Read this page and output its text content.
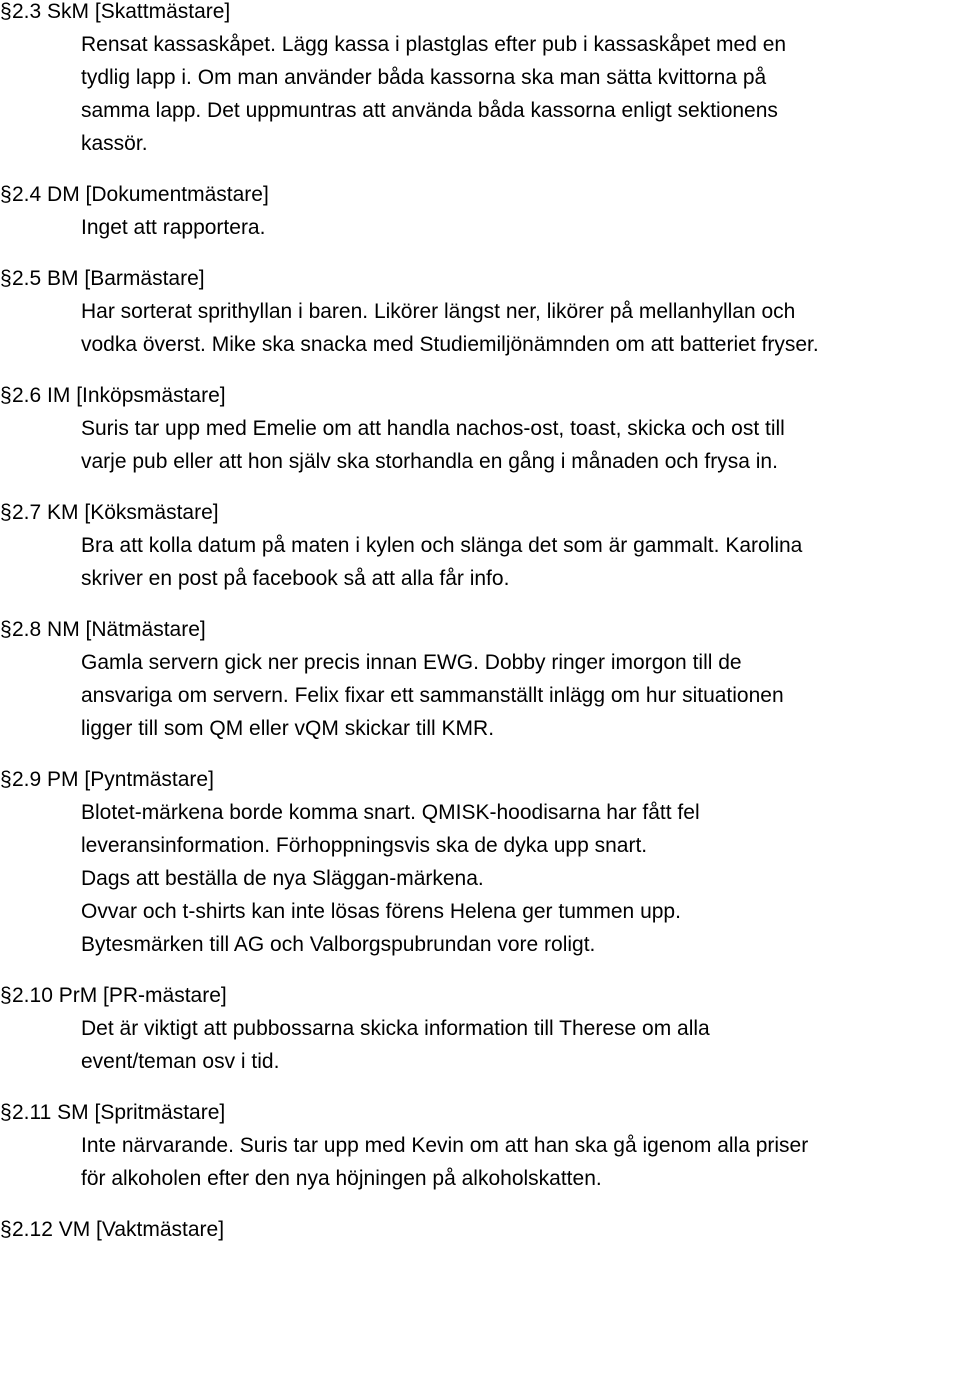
§2.3 SkM [Skattmästare]
Rensat kassaskåpet. Lägg kassa i plastglas efter pub i kassaskåpet med en
tydlig lapp i. Om man använder båda kassorna ska man sätta kvittorna på
samma lapp. Det uppmuntras att använda båda kassorna enligt sektionens
kassör.
§2.4 DM [Dokumentmästare]
Inget att rapportera.
§2.5 BM [Barmästare]
Har sorterat sprithyllan i baren. Likörer längst ner, likörer på mellanhyllan och
vodka överst. Mike ska snacka med Studiemiljönämnden om att batteriet fryser.
§2.6 IM [Inköpsmästare]
Suris tar upp med Emelie om att handla nachos-ost, toast, skicka och ost till
varje pub eller att hon själv ska storhandla en gång i månaden och frysa in.
§2.7 KM [Köksmästare]
Bra att kolla datum på maten i kylen och slänga det som är gammalt. Karolina
skriver en post på facebook så att alla får info.
§2.8 NM [Nätmästare]
Gamla servern gick ner precis innan EWG. Dobby ringer imorgon till de
ansvariga om servern. Felix fixar ett sammanställt inlägg om hur situationen
ligger till som QM eller vQM skickar till KMR.
§2.9 PM [Pyntmästare]
Blotet-märkena borde komma snart. QMISK-hoodisarna har fått fel
leveransinformation. Förhoppningsvis ska de dyka upp snart.
Dags att beställa de nya Släggan-märkena.
Ovvar och t-shirts kan inte lösas förens Helena ger tummen upp.
Bytesmärken till AG och Valborgspubrundan vore roligt.
§2.10 PrM [PR-mästare]
Det är viktigt att pubbossarna skicka information till Therese om alla
event/teman osv i tid.
§2.11 SM [Spritmästare]
Inte närvarande. Suris tar upp med Kevin om att han ska gå igenom alla priser
för alkoholen efter den nya höjningen på alkoholskatten.
§2.12 VM [Vaktmästare]
